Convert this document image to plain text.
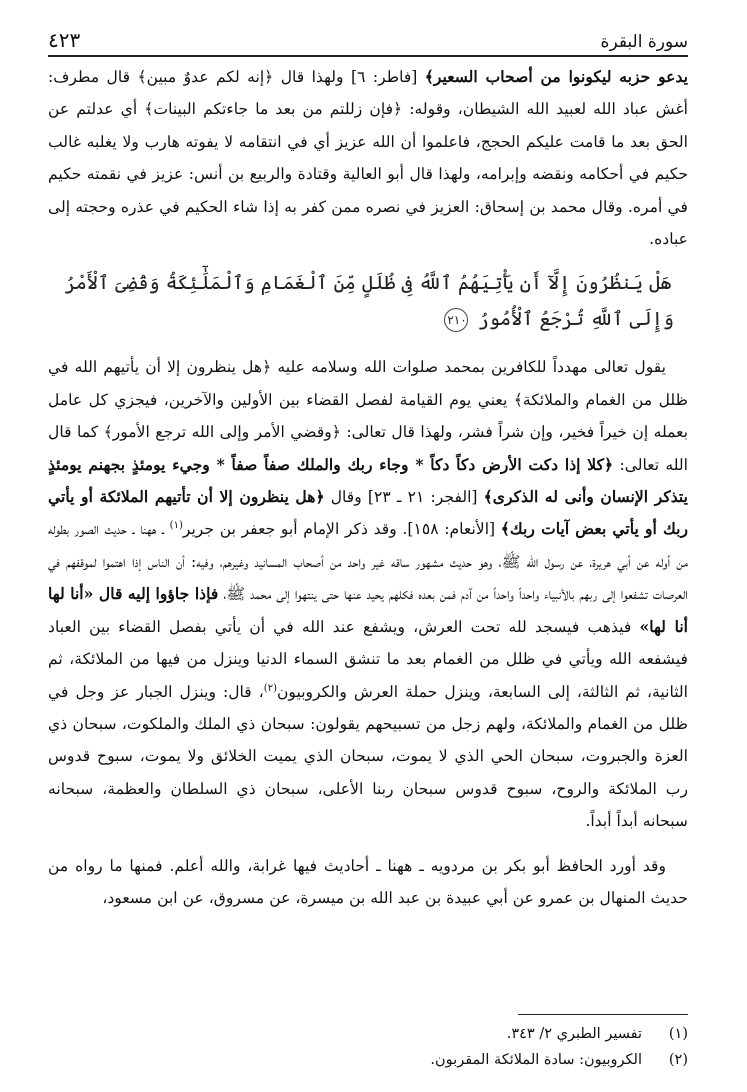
سورة البقرة
٤٢٣

يدعو حزبه ليكونوا من أصحاب السعير﴾ [فاطر: ٦] ولهذا قال ﴿إنه لكم عدوٌ مبين﴾ قال مطرف: أغش عباد الله لعبيد الله الشيطان، وقوله: ﴿فإن زللتم من بعد ما جاءتكم البينات﴾ أي عدلتم عن الحق بعد ما قامت عليكم الحجج، فاعلموا أن الله عزيز أي في انتقامه لا يفوته هارب ولا يغلبه غالب حكيم في أحكامه ونقضه وإبرامه، ولهذا قال أبو العالية وقتادة والربيع بن أنس: عزيز في نقمته حكيم في أمره. وقال محمد بن إسحاق: العزيز في نصره ممن كفر به إذا شاء الحكيم في عذره وحجته إلى عباده.

هَلْ يَنظُرُونَ إِلَّآ أَن يَأْتِيَهُمُ ٱللَّهُ فِى ظُلَلٍ مِّنَ ٱلْغَمَامِ وَٱلْمَلَٰٓئِكَةُ وَقُضِىَ ٱلْأَمْرُ وَإِلَى ٱللَّهِ تُرْجَعُ ٱلْأُمُورُ ٢١٠

يقول تعالى مهدداً للكافرين بمحمد صلوات الله وسلامه عليه ﴿هل ينظرون إلا أن يأتيهم الله في ظلل من الغمام والملائكة﴾ يعني يوم القيامة لفصل القضاء بين الأولين والآخرين، فيجزي كل عامل بعمله إن خيراً فخير، وإن شراً فشر، ولهذا قال تعالى: ﴿وقضي الأمر وإلى الله ترجع الأمور﴾ كما قال الله تعالى: ﴿كلا إذا دكت الأرض دكاً دكاً * وجاء ربك والملك صفاً صفاً * وجيء يومئذٍ بجهنم يومئذٍ يتذكر الإنسان وأنى له الذكرى﴾ [الفجر: ٢١ ـ ٢٣] وقال ﴿هل ينظرون إلا أن تأتيهم الملائكة أو يأتي ربك أو يأتي بعض آيات ربك﴾ [الأنعام: ١٥٨]. وقد ذكر الإمام أبو جعفر بن جرير$^{(١)}$ ـ ههنا ـ حديث الصور بطوله من أوله عن أبي هريرة، عن رسول الله ﷺ، وهو حديث مشهور ساقه غير واحد من أصحاب المسانيد وغيرهم، وفيه: أن الناس إذا اهتموا لموقفهم في العرصات تشفعوا إلى ربهم بالأنبياء واحداً واحداً من آدم فمن بعده فكلهم يحيد عنها حتى ينتهوا إلى محمد ﷺ، فإذا جاؤوا إليه قال «أنا لها أنا لها» فيذهب فيسجد لله تحت العرش، ويشفع عند الله في أن يأتي بفصل القضاء بين العباد فيشفعه الله ويأتي في ظلل من الغمام بعد ما تنشق السماء الدنيا وينزل من فيها من الملائكة، ثم الثانية، ثم الثالثة، إلى السابعة، وينزل حملة العرش والكروبيون$^{(٢)}$، قال: وينزل الجبار عز وجل في ظلل من الغمام والملائكة، ولهم زجل من تسبيحهم يقولون: سبحان ذي الملك والملكوت، سبحان ذي العزة والجبروت، سبحان الحي الذي لا يموت، سبحان الذي يميت الخلائق ولا يموت، سبوح قدوس رب الملائكة والروح، سبوح قدوس سبحان ربنا الأعلى، سبحان ذي السلطان والعظمة، سبحانه سبحانه أبداً أبداً.

وقد أورد الحافظ أبو بكر بن مردويه ـ ههنا ـ أحاديث فيها غرابة، والله أعلم. فمنها ما رواه من حديث المنهال بن عمرو عن أبي عبيدة بن عبد الله بن ميسرة، عن مسروق، عن ابن مسعود،

(١)
تفسير الطبري ٢/ ٣٤٣.
(٢)
الكروبيون: سادة الملائكة المقربون.
